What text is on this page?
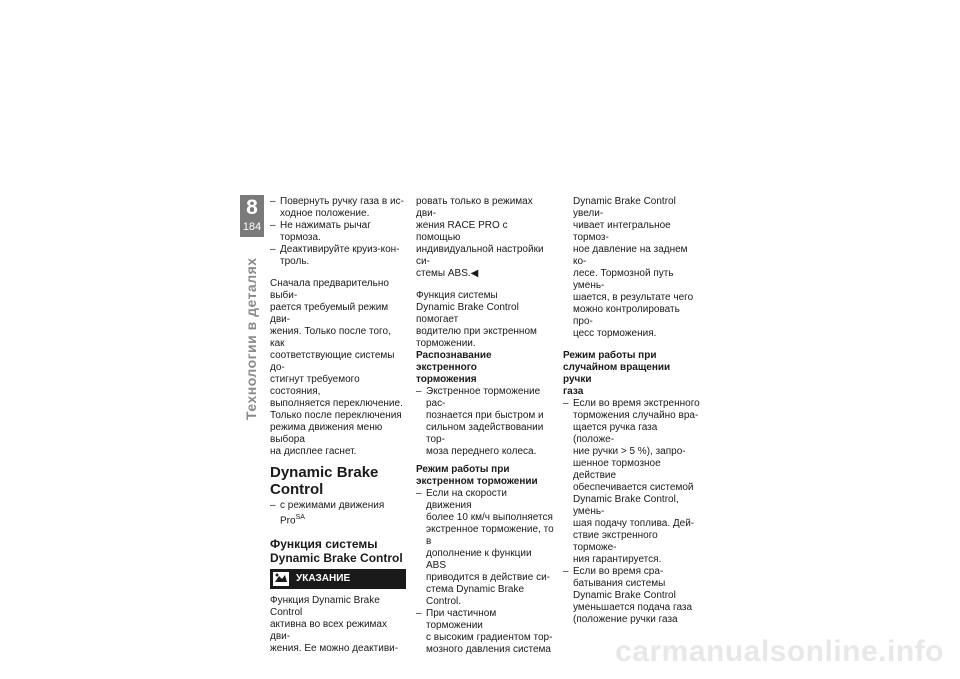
8
184
Технологии в деталях

– Повернуть ручку газа в ис-
ходное положение.

– Не нажимать рычаг тормоза.

– Деактивируйте круиз-кон-
троль.

Сначала предварительно выби-
рается требуемый режим дви-
жения. Только после того, как
соответствующие системы до-
стигнут требуемого состояния,
выполняется переключение.
Только после переключения
режима движения меню выбора
на дисплее гаснет.

Dynamic Brake Control

– с режимами движения Pro$^{SA}$

Функция системы
Dynamic Brake Control

УКАЗАНИЕ

Функция Dynamic Brake Control
активна во всех режимах дви-
жения. Ее можно деактиви-

ровать только в режимах дви-
жения RACE PRO с помощью
индивидуальной настройки си-
стемы ABS.◀

Функция системы
Dynamic Brake Control помогает
водителю при экстренном
торможении.

Распознавание экстренного
торможения

– Экстренное торможение рас-
познается при быстром и
сильном задействовании тор-
моза переднего колеса.

Режим работы при
экстренном торможении

– Если на скорости движения
более 10 км/ч выполняется
экстренное торможение, то в
дополнение к функции ABS
приводится в действие си-
стема Dynamic Brake Control.

– При частичном торможении
с высоким градиентом тор-
мозного давления система

Dynamic Brake Control увели-
чивает интегральное тормоз-
ное давление на заднем ко-
лесе. Тормозной путь умень-
шается, в результате чего
можно контролировать про-
цесс торможения.

Режим работы при
случайном вращении ручки
газа

– Если во время экстренного
торможения случайно вра-
щается ручка газа (положе-
ние ручки > 5 %), запро-
шенное тормозное действие
обеспечивается системой
Dynamic Brake Control, умень-
шая подачу топлива. Дей-
ствие экстренного торможе-
ния гарантируется.

– Если во время сра-
батывания системы
Dynamic Brake Control
уменьшается подача газа
(положение ручки газа

carmanualsonline.info
